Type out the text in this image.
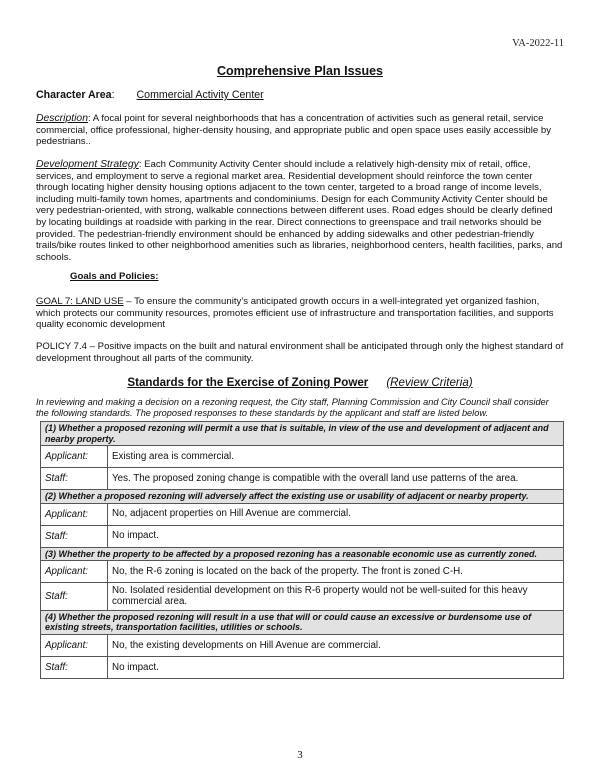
VA-2022-11
Comprehensive Plan Issues
Character Area: Commercial Activity Center
Description: A focal point for several neighborhoods that has a concentration of activities such as general retail, service commercial, office professional, higher-density housing, and appropriate public and open space uses easily accessible by pedestrians..
Development Strategy: Each Community Activity Center should include a relatively high-density mix of retail, office, services, and employment to serve a regional market area. Residential development should reinforce the town center through locating higher density housing options adjacent to the town center, targeted to a broad range of income levels, including multi-family town homes, apartments and condominiums. Design for each Community Activity Center should be very pedestrian-oriented, with strong, walkable connections between different uses. Road edges should be clearly defined by locating buildings at roadside with parking in the rear. Direct connections to greenspace and trail networks should be provided. The pedestrian-friendly environment should be enhanced by adding sidewalks and other pedestrian-friendly trails/bike routes linked to other neighborhood amenities such as libraries, neighborhood centers, health facilities, parks, and schools.
Goals and Policies:
GOAL 7: LAND USE – To ensure the community’s anticipated growth occurs in a well-integrated yet organized fashion, which protects our community resources, promotes efficient use of infrastructure and transportation facilities, and supports quality economic development
POLICY 7.4 – Positive impacts on the built and natural environment shall be anticipated through only the highest standard of development throughout all parts of the community.
Standards for the Exercise of Zoning Power (Review Criteria)
In reviewing and making a decision on a rezoning request, the City staff, Planning Commission and City Council shall consider the following standards. The proposed responses to these standards by the applicant and staff are listed below.
(1) Whether a proposed rezoning will permit a use that is suitable, in view of the use and development of adjacent and nearby property.	
Applicant:	Existing area is commercial.
Staff:	Yes. The proposed zoning change is compatible with the overall land use patterns of the area.
(2) Whether a proposed rezoning will adversely affect the existing use or usability of adjacent or nearby property.	
Applicant:	No, adjacent properties on Hill Avenue are commercial.
Staff:	No impact.
(3) Whether the property to be affected by a proposed rezoning has a reasonable economic use as currently zoned.	
Applicant:	No, the R-6 zoning is located on the back of the property. The front is zoned C-H.
Staff:	No. Isolated residential development on this R-6 property would not be well-suited for this heavy commercial area.
(4) Whether the proposed rezoning will result in a use that will or could cause an excessive or burdensome use of existing streets, transportation facilities, utilities or schools.	
Applicant:	No, the existing developments on Hill Avenue are commercial.
Staff:	No impact.
3
